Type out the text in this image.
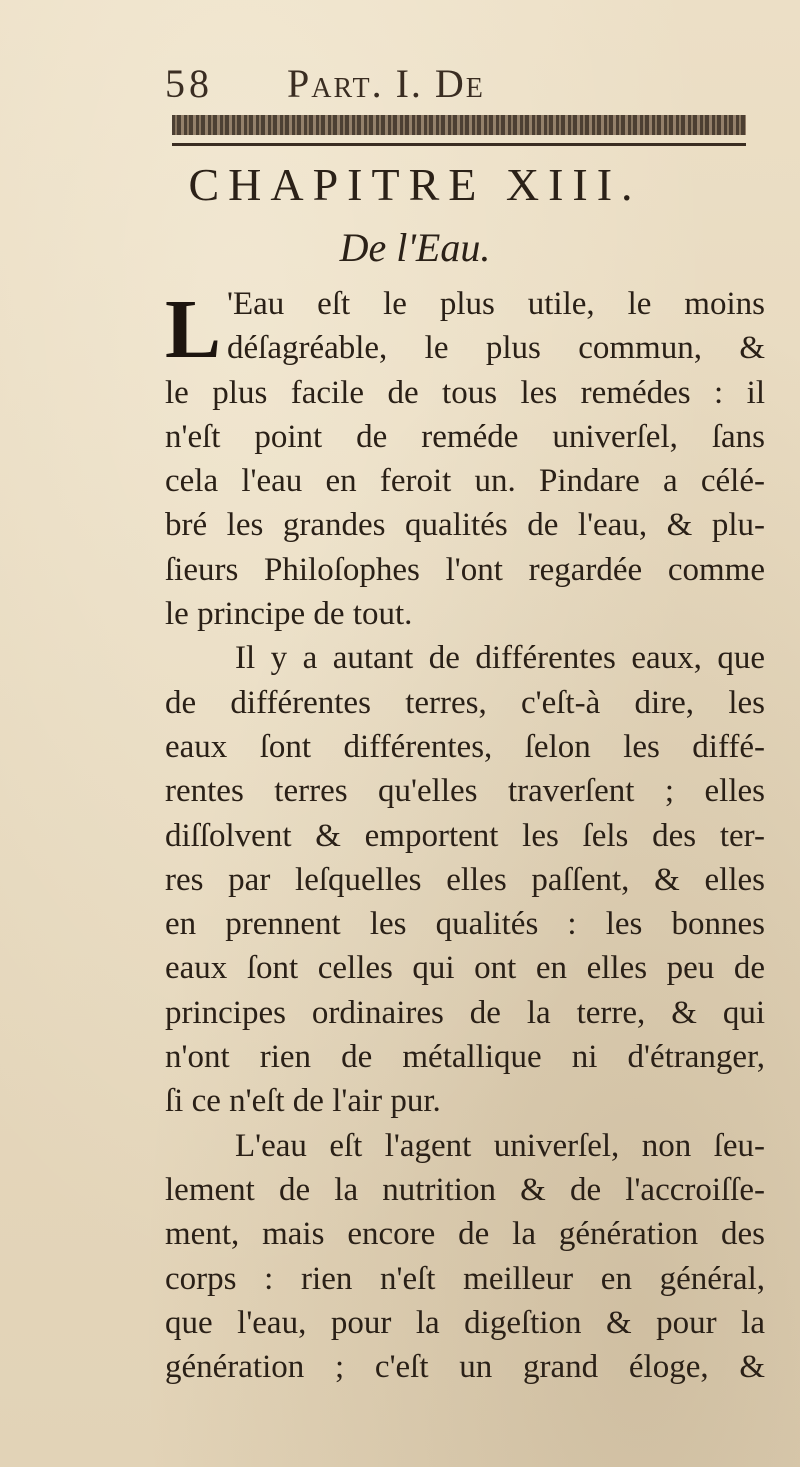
58 Part. I. De
CHAPITRE XIII.
De l'Eau.
L 'Eau eſt le plus utile, le moins
déſagréable, le plus commun, &
le plus facile de tous les remédes : il
n'eſt point de reméde univerſel, ſans
cela l'eau en feroit un. Pindare a célé-
bré les grandes qualités de l'eau, & plu-
ſieurs Philoſophes l'ont regardée comme
le principe de tout.
Il y a autant de différentes eaux, que
de différentes terres, c'eſt-à dire, les
eaux ſont différentes, ſelon les diffé-
rentes terres qu'elles traverſent ; elles
diſſolvent & emportent les ſels des ter-
res par leſquelles elles paſſent, & elles
en prennent les qualités : les bonnes
eaux ſont celles qui ont en elles peu de
principes ordinaires de la terre, & qui
n'ont rien de métallique ni d'étranger,
ſi ce n'eſt de l'air pur.
L'eau eſt l'agent univerſel, non ſeu-
lement de la nutrition & de l'accroiſſe-
ment, mais encore de la génération des
corps : rien n'eſt meilleur en général,
que l'eau, pour la digeſtion & pour la
génération ; c'eſt un grand éloge, &
